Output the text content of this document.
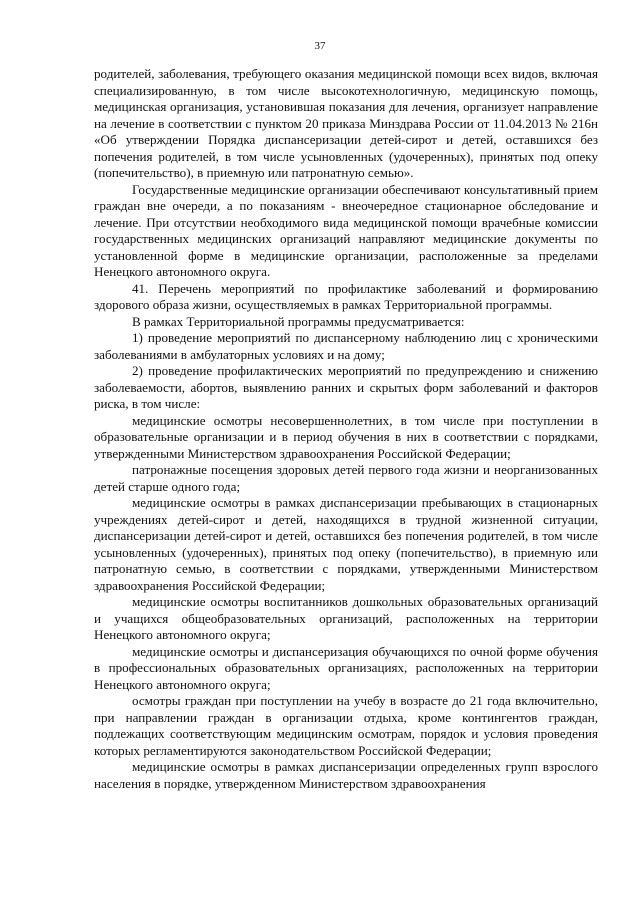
37

родителей, заболевания, требующего оказания медицинской помощи всех видов, включая специализированную, в том числе высокотехнологичную, медицинскую помощь, медицинская организация, установившая показания для лечения, организует направление на лечение в соответствии с пунктом 20 приказа Минздрава России от 11.04.2013 № 216н «Об утверждении Порядка диспансеризации детей-сирот и детей, оставшихся без попечения родителей, в том числе усыновленных (удочеренных), принятых под опеку (попечительство), в приемную или патронатную семью».

Государственные медицинские организации обеспечивают консультативный прием граждан вне очереди, а по показаниям - внеочередное стационарное обследование и лечение. При отсутствии необходимого вида медицинской помощи врачебные комиссии государственных медицинских организаций направляют медицинские документы по установленной форме в медицинские организации, расположенные за пределами Ненецкого автономного округа.

41. Перечень мероприятий по профилактике заболеваний и формированию здорового образа жизни, осуществляемых в рамках Территориальной программы.

В рамках Территориальной программы предусматривается:

1) проведение мероприятий по диспансерному наблюдению лиц с хроническими заболеваниями в амбулаторных условиях и на дому;

2) проведение профилактических мероприятий по предупреждению и снижению заболеваемости, абортов, выявлению ранних и скрытых форм заболеваний и факторов риска, в том числе:

медицинские осмотры несовершеннолетних, в том числе при поступлении в образовательные организации и в период обучения в них в соответствии с порядками, утвержденными Министерством здравоохранения Российской Федерации;

патронажные посещения здоровых детей первого года жизни и неорганизованных детей старше одного года;

медицинские осмотры в рамках диспансеризации пребывающих в стационарных учреждениях детей-сирот и детей, находящихся в трудной жизненной ситуации, диспансеризации детей-сирот и детей, оставшихся без попечения родителей, в том числе усыновленных (удочеренных), принятых под опеку (попечительство), в приемную или патронатную семью, в соответствии с порядками, утвержденными Министерством здравоохранения Российской Федерации;

медицинские осмотры воспитанников дошкольных образовательных организаций и учащихся общеобразовательных организаций, расположенных на территории Ненецкого автономного округа;

медицинские осмотры и диспансеризация обучающихся по очной форме обучения в профессиональных образовательных организациях, расположенных на территории Ненецкого автономного округа;

осмотры граждан при поступлении на учебу в возрасте до 21 года включительно, при направлении граждан в организации отдыха, кроме контингентов граждан, подлежащих соответствующим медицинским осмотрам, порядок и условия проведения которых регламентируются законодательством Российской Федерации;

медицинские осмотры в рамках диспансеризации определенных групп взрослого населения в порядке, утвержденном Министерством здравоохранения
